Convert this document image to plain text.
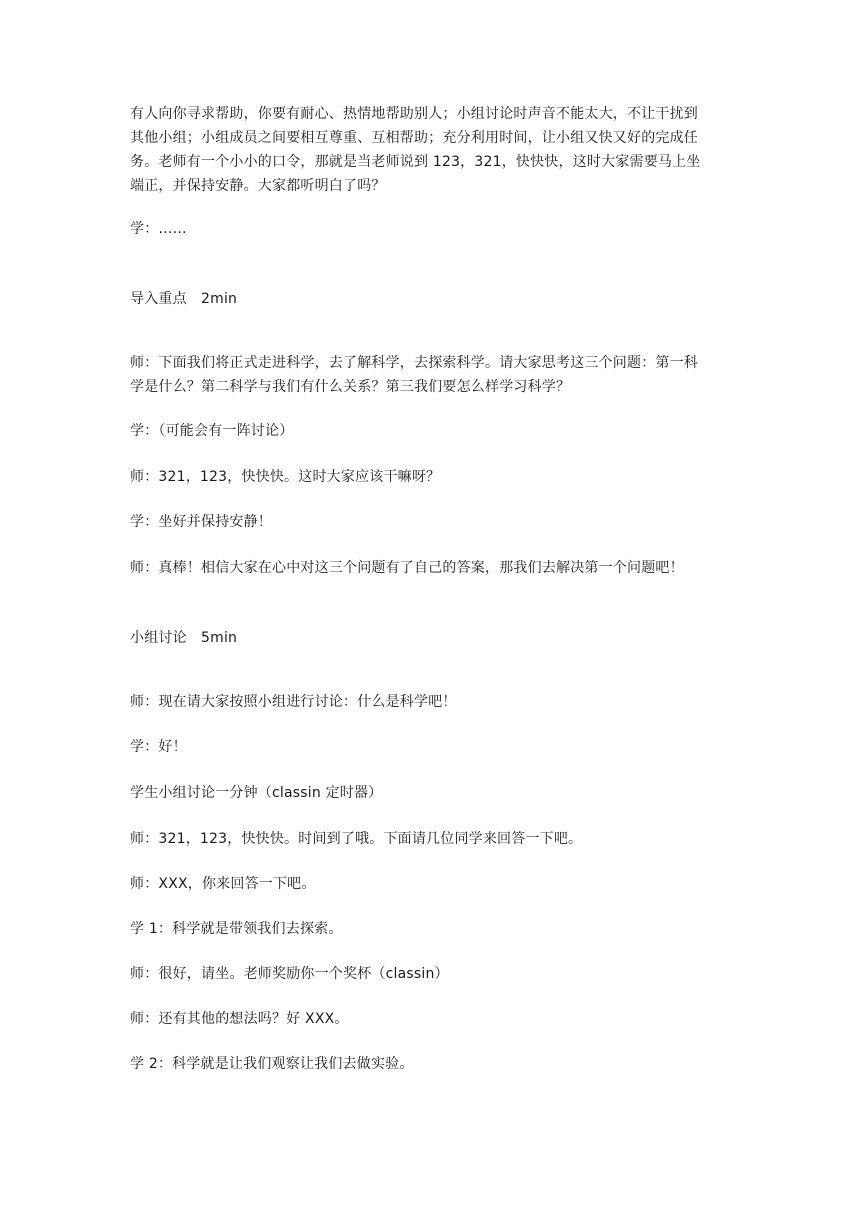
有人向你寻求帮助，你要有耐心、热情地帮助别人；小组讨论时声音不能太大，不让干扰到
其他小组；小组成员之间要相互尊重、互相帮助；充分利用时间，让小组又快又好的完成任
务。老师有一个小小的口令，那就是当老师说到 123，321，快快快，这时大家需要马上坐
端正，并保持安静。大家都听明白了吗？
学：……
导入重点　2min
师：下面我们将正式走进科学，去了解科学，去探索科学。请大家思考这三个问题：第一科
学是什么？第二科学与我们有什么关系？第三我们要怎么样学习科学？
学：（可能会有一阵讨论）
师：321，123，快快快。这时大家应该干嘛呀？
学：坐好并保持安静！
师：真棒！相信大家在心中对这三个问题有了自己的答案，那我们去解决第一个问题吧！
小组讨论　5min
师：现在请大家按照小组进行讨论：什么是科学吧！
学：好！
学生小组讨论一分钟（classin 定时器）
师：321，123，快快快。时间到了哦。下面请几位同学来回答一下吧。
师：XXX，你来回答一下吧。
学 1：科学就是带领我们去探索。
师：很好，请坐。老师奖励你一个奖杯（classin）
师：还有其他的想法吗？好 XXX。
学 2：科学就是让我们观察让我们去做实验。
